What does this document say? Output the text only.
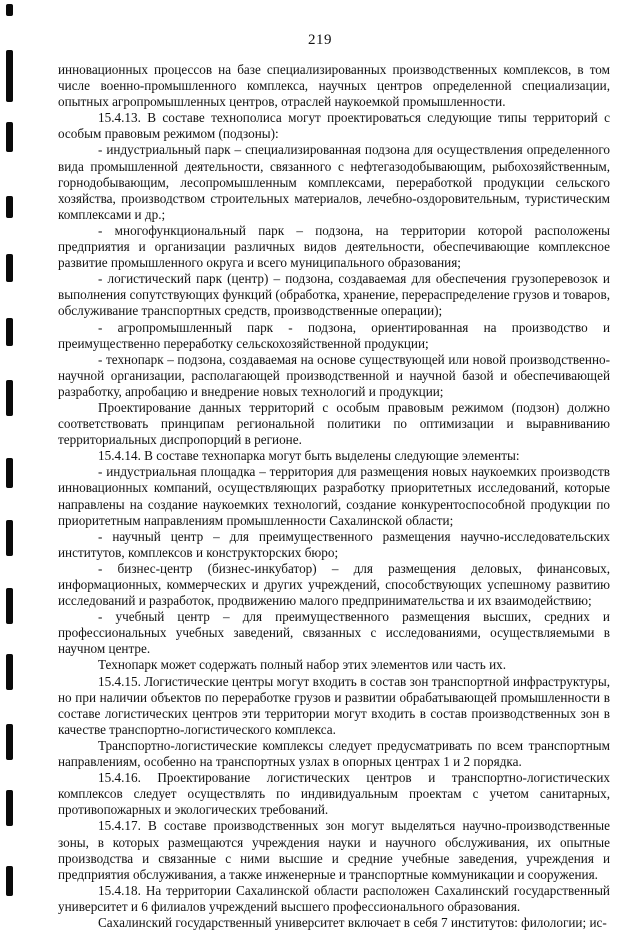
219

инновационных процессов на базе специализированных производственных комплексов, в том числе военно-промышленного комплекса, научных центров определенной специализации, опытных агропромышленных центров, отраслей наукоемкой промышленности.

15.4.13. В составе технополиса могут проектироваться следующие типы территорий с особым правовым режимом (подзоны):

- индустриальный парк – специализированная подзона для осуществления определенного вида промышленной деятельности, связанного с нефтегазодобывающим, рыбохозяйственным, горнодобывающим, лесопромышленным комплексами, переработкой продукции сельского хозяйства, производством строительных материалов, лечебно-оздоровительным, туристическим комплексами и др.;

- многофункциональный парк – подзона, на территории которой расположены предприятия и организации различных видов деятельности, обеспечивающие комплексное развитие промышленного округа и всего муниципального образования;

- логистический парк (центр) – подзона, создаваемая для обеспечения грузоперевозок и выполнения сопутствующих функций (обработка, хранение, перераспределение грузов и товаров, обслуживание транспортных средств, производственные операции);

- агропромышленный парк - подзона, ориентированная на производство и преимущественно переработку сельскохозяйственной продукции;

- технопарк – подзона, создаваемая на основе существующей или новой производственно-научной организации, располагающей производственной и научной базой и обеспечивающей разработку, апробацию и внедрение новых технологий и продукции;

Проектирование данных территорий с особым правовым режимом (подзон) должно соответствовать принципам региональной политики по оптимизации и выравниванию территориальных диспропорций в регионе.

15.4.14. В составе технопарка могут быть выделены следующие элементы:

- индустриальная площадка – территория для размещения новых наукоемких производств инновационных компаний, осуществляющих разработку приоритетных исследований, которые направлены на создание наукоемких технологий, создание конкурентоспособной продукции по приоритетным направлениям промышленности Сахалинской области;

- научный центр – для преимущественного размещения научно-исследовательских институтов, комплексов и конструкторских бюро;

- бизнес-центр (бизнес-инкубатор) – для размещения деловых, финансовых, информационных, коммерческих и других учреждений, способствующих успешному развитию исследований и разработок, продвижению малого предпринимательства и их взаимодействию;

- учебный центр – для преимущественного размещения высших, средних и профессиональных учебных заведений, связанных с исследованиями, осуществляемыми в научном центре.

Технопарк может содержать полный набор этих элементов или часть их.

15.4.15. Логистические центры могут входить в состав зон транспортной инфраструктуры, но при наличии объектов по переработке грузов и развитии обрабатывающей промышленности в составе логистических центров эти территории могут входить в состав производственных зон в качестве транспортно-логистического комплекса.

Транспортно-логистические комплексы следует предусматривать по всем транспортным направлениям, особенно на транспортных узлах в опорных центрах 1 и 2 порядка.

15.4.16. Проектирование логистических центров и транспортно-логистических комплексов следует осуществлять по индивидуальным проектам с учетом санитарных, противопожарных и экологических требований.

15.4.17. В составе производственных зон могут выделяться научно-производственные зоны, в которых размещаются учреждения науки и научного обслуживания, их опытные производства и связанные с ними высшие и средние учебные заведения, учреждения и предприятия обслуживания, а также инженерные и транспортные коммуникации и сооружения.

15.4.18. На территории Сахалинской области расположен Сахалинский государственный университет и 6 филиалов учреждений высшего профессионального образования.

Сахалинский государственный университет включает в себя 7 институтов: филологии; ис-
